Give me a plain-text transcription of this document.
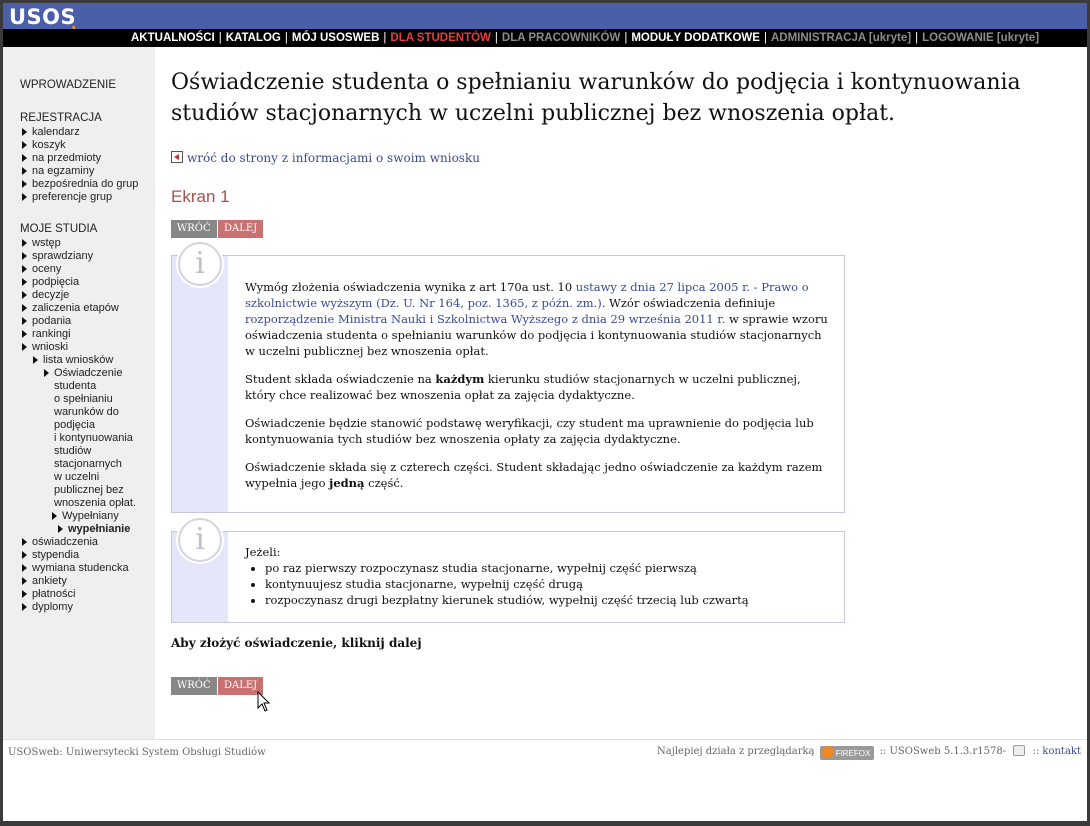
USOS
AKTUALNOŚCI | KATALOG | MÓJ USOSWEB | DLA STUDENTÓW | DLA PRACOWNIKÓW | MODUŁY DODATKOWE | ADMINISTRACJA [ukryte] | LOGOWANIE [ukryte]
WPROWADZENIE
REJESTRACJA
kalendarz
koszyk
na przedmioty
na egzaminy
bezpośrednia do grup
preferencje grup
MOJE STUDIA
wstęp
sprawdziany
oceny
podpięcia
decyzje
zaliczenia etapów
podania
rankingi
wnioski
lista wniosków
Oświadczenie
studenta
o spełnianiu
warunków do
podjęcia
i kontynuowania
studiów
stacjonarnych
w uczelni
publicznej bez
wnoszenia opłat.
Wypełniany
wypełnianie
oświadczenia
stypendia
wymiana studencka
ankiety
płatności
dyplomy
Oświadczenie studenta o spełnianiu warunków do podjęcia i kontynuowania studiów stacjonarnych w uczelni publicznej bez wnoszenia opłat.
wróć do strony z informacjami o swoim wniosku
Ekran 1
WRÓĆ	DALEJ
i

Wymóg złożenia oświadczenia wynika z art 170a ust. 10 ustawy z dnia 27 lipca 2005 r. - Prawo o szkolnictwie wyższym (Dz. U. Nr 164, poz. 1365, z późn. zm.). Wzór oświadczenia definiuje rozporządzenie Ministra Nauki i Szkolnictwa Wyższego z dnia 29 września 2011 r. w sprawie wzoru oświadczenia studenta o spełnianiu warunków do podjęcia i kontynuowania studiów stacjonarnych w uczelni publicznej bez wnoszenia opłat.

Student składa oświadczenie na każdym kierunku studiów stacjonarnych w uczelni publicznej, który chce realizować bez wnoszenia opłat za zajęcia dydaktyczne.

Oświadczenie będzie stanowić podstawę weryfikacji, czy student ma uprawnienie do podjęcia lub kontynuowania tych studiów bez wnoszenia opłaty za zajęcia dydaktyczne.

Oświadczenie składa się z czterech części. Student składając jedno oświadczenie za każdym razem wypełnia jego jedną część.

i	Jeżeli:
• po raz pierwszy rozpoczynasz studia stacjonarne, wypełnij część pierwszą
• kontynuujesz studia stacjonarne, wypełnij część drugą
• rozpoczynasz drugi bezpłatny kierunek studiów, wypełnij część trzecią lub czwartą
Aby złożyć oświadczenie, kliknij dalej
WRÓĆ	DALEJ
USOSweb: Uniwersytecki System Obsługi Studiów	Najlepiej działa z przeglądarką	FIREFOX :: USOSweb 5.1.3.r1578-	:: kontakt
